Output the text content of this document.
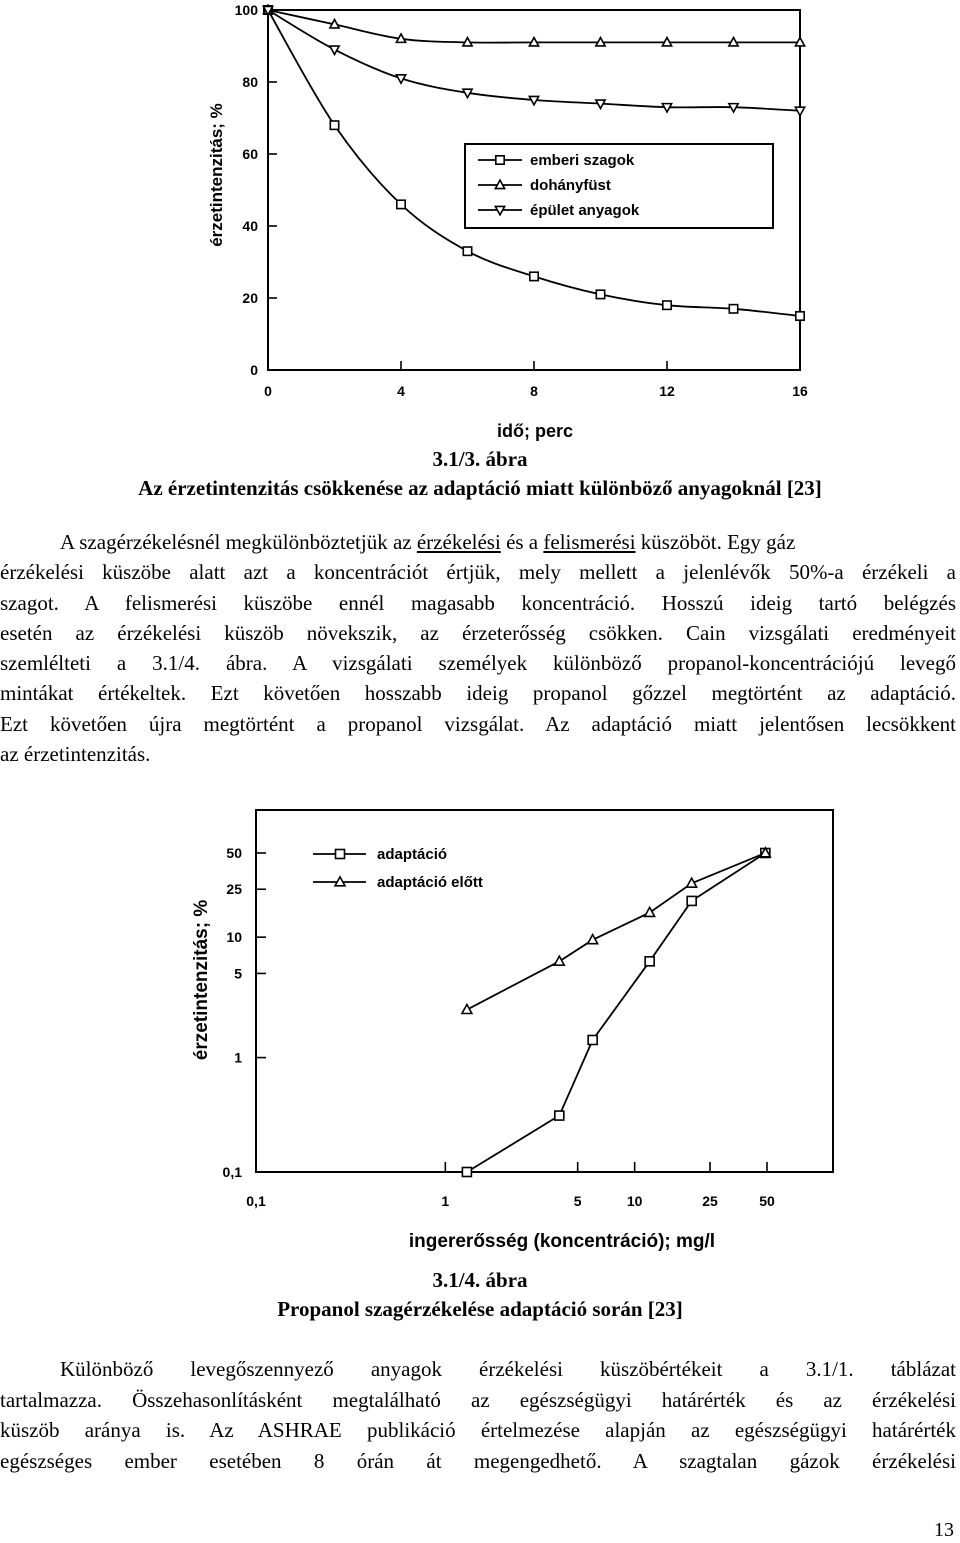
0
20
40
60
80
100
0	4	8	12	16
érzetintenzitás; %	emberi szagok
dohányfüst
épület anyagok
idő; perc
3.1/3. ábra
Az érzetintenzitás csökkenése az adaptáció miatt különböző anyagoknál [23]
A szagérzékelésnél megkülönböztetjük az érzékelési és a felismerési küszöböt. Egy gáz
érzékelési küszöbe alatt azt a koncentrációt értjük, mely mellett a jelenlévők 50%-a érzékeli a
szagot. A felismerési küszöbe ennél magasabb koncentráció. Hosszú ideig tartó belégzés
esetén az érzékelési küszöb növekszik, az érzeterősség csökken. Cain vizsgálati eredményeit
szemlélteti a 3.1/4. ábra. A vizsgálati személyek különböző propanol-koncentrációjú levegő
mintákat értékeltek. Ezt követően hosszabb ideig propanol gőzzel megtörtént az adaptáció.
Ezt követően újra megtörtént a propanol vizsgálat. Az adaptáció miatt jelentősen lecsökkent
az érzetintenzitás.
0,1
1
5
10
25
50
0,1	1	5	10	25	50
adaptáció
adaptáció előtt
érzetintenzitás; %
ingererősség (koncentráció); mg/l
3.1/4. ábra
Propanol szagérzékelése adaptáció során [23]
Különböző levegőszennyező anyagok érzékelési küszöbértékeit a 3.1/1. táblázat
tartalmazza. Összehasonlításként megtalálható az egészségügyi határérték és az érzékelési
küszöb aránya is. Az ASHRAE publikáció értelmezése alapján az egészségügyi határérték
egészséges ember esetében 8 órán át megengedhető. A szagtalan gázok érzékelési
13
